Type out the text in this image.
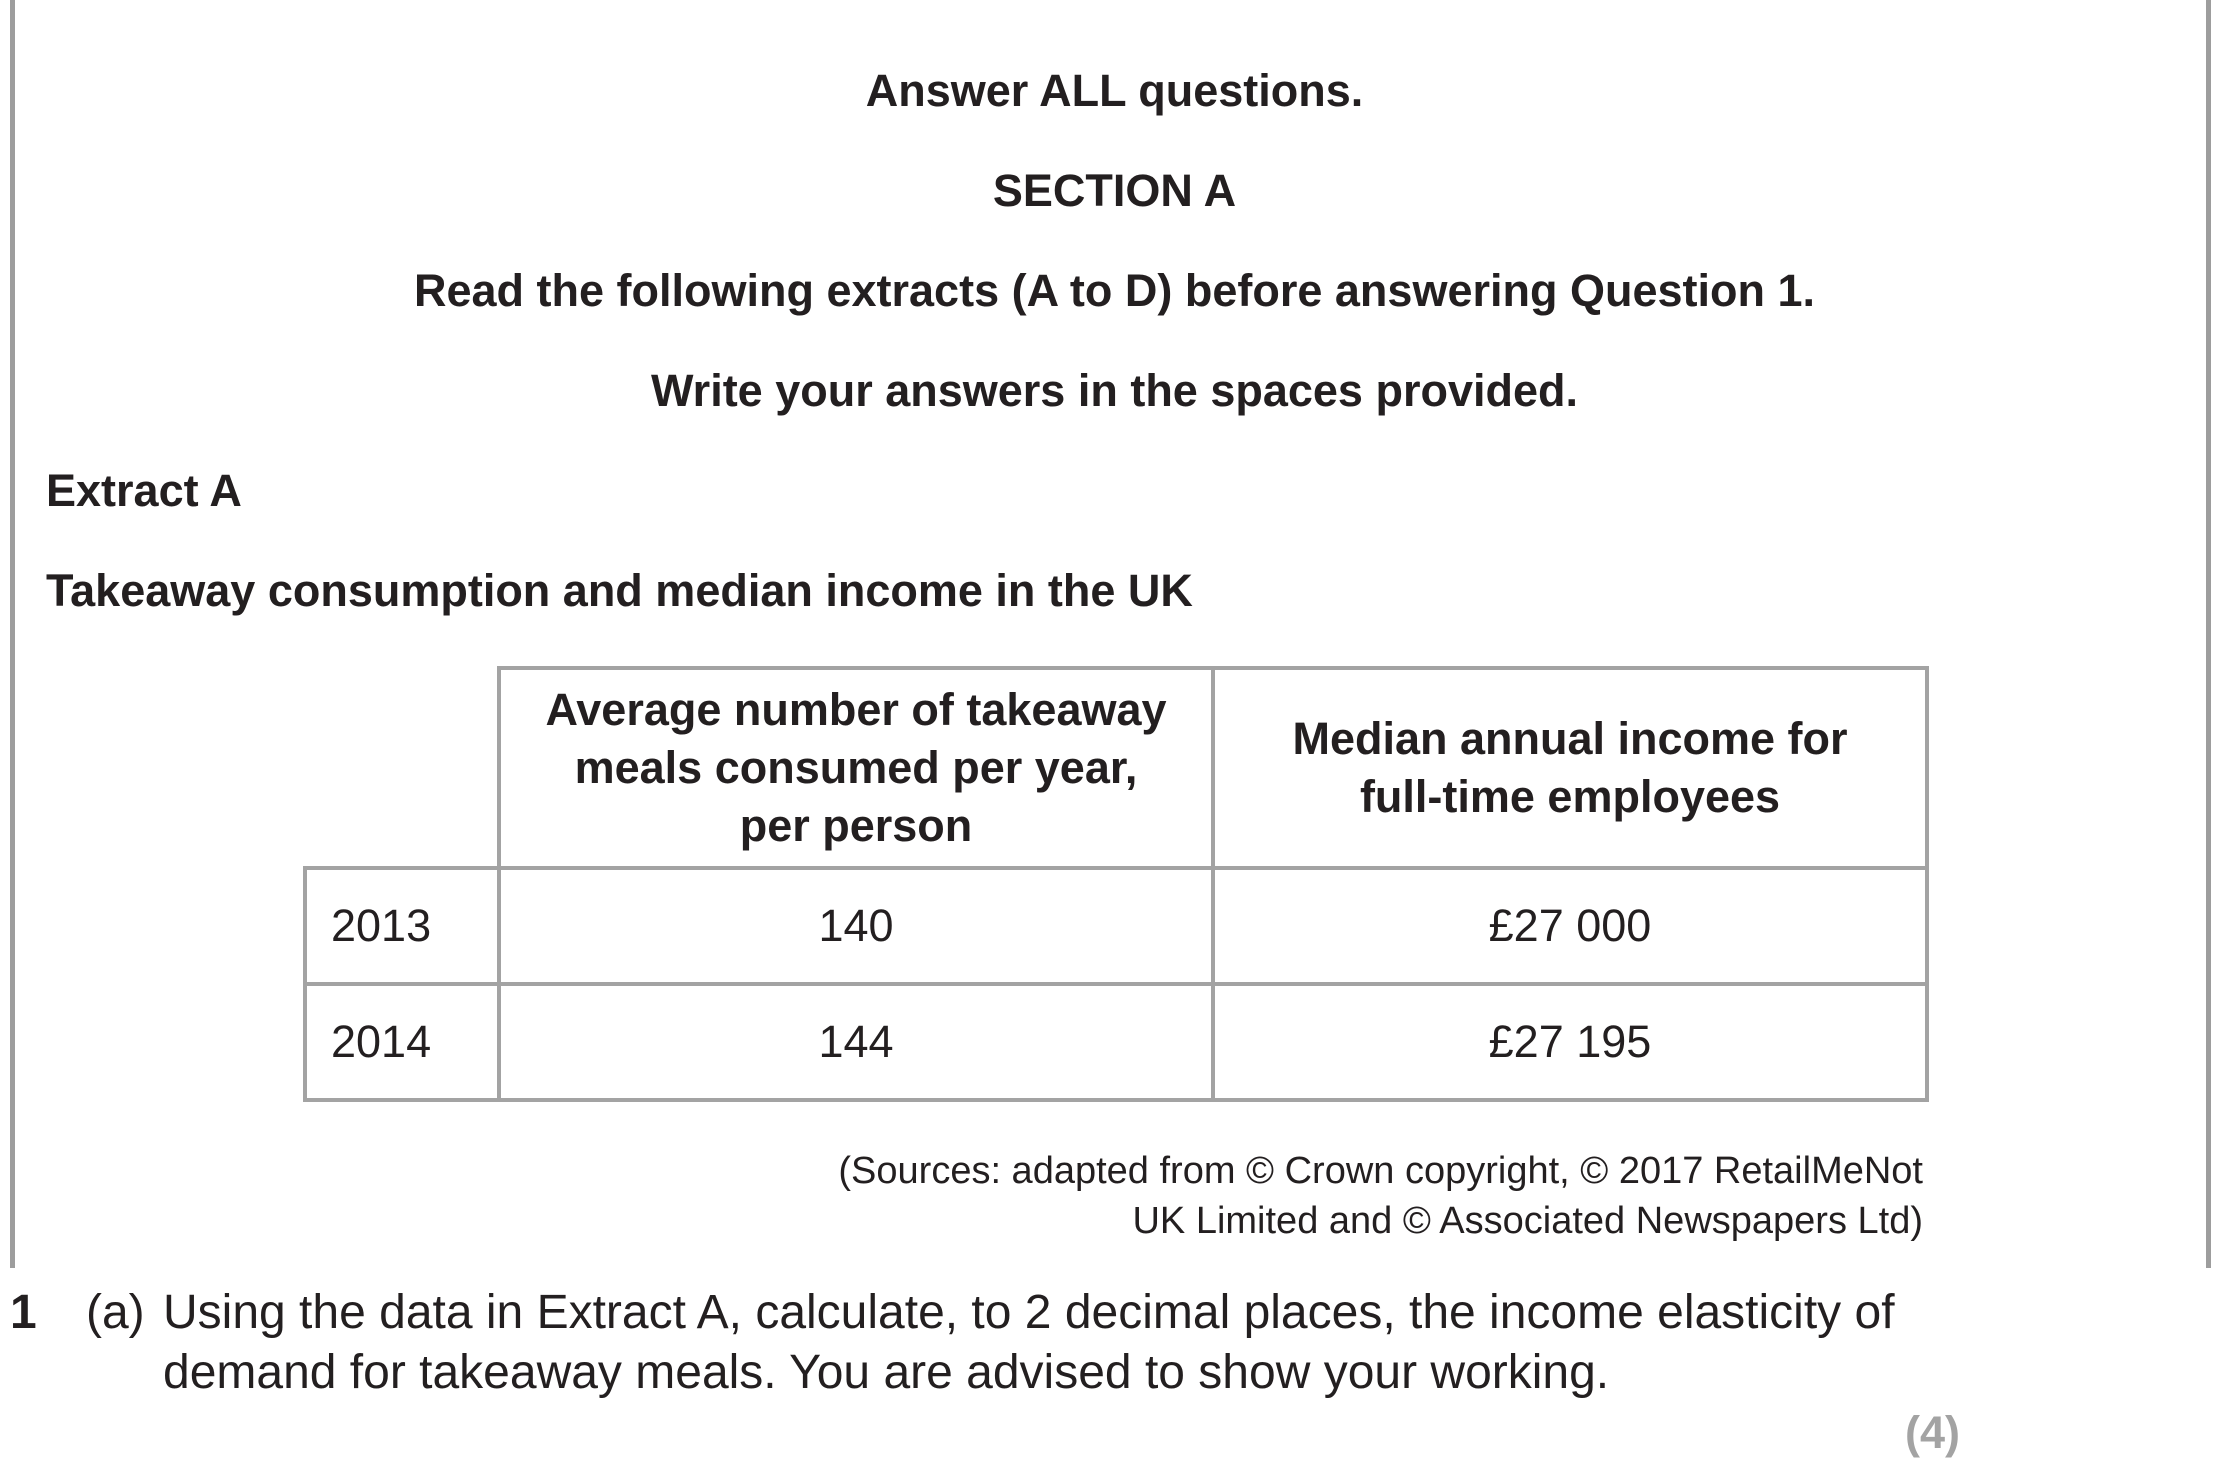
Answer ALL questions.
SECTION A
Read the following extracts (A to D) before answering Question 1.
Write your answers in the spaces provided.
Extract A
Takeaway consumption and median income in the UK
	Average number of takeaway
meals consumed per year,
per person	Median annual income for
full-time employees
2013	140	£27 000
2014	144	£27 195
(Sources: adapted from © Crown copyright, © 2017 RetailMeNot
UK Limited and © Associated Newspapers Ltd)
1 (a) Using the data in Extract A, calculate, to 2 decimal places, the income elasticity of
demand for takeaway meals. You are advised to show your working.
(4)
